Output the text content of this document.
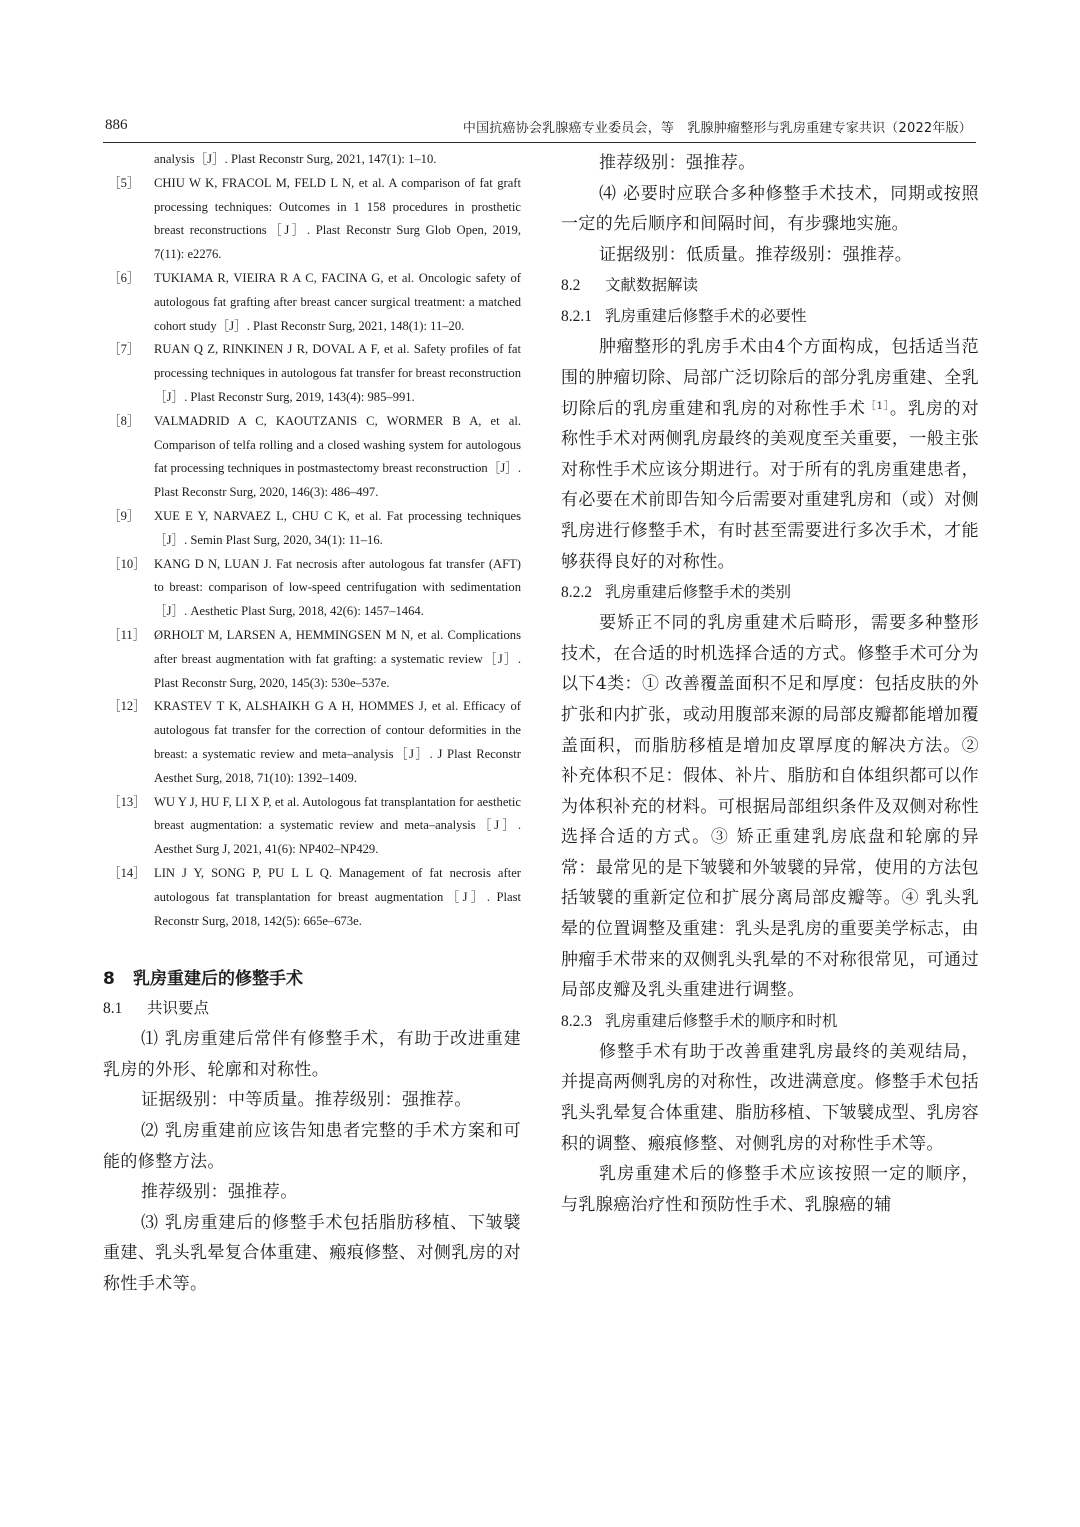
886	中国抗癌协会乳腺癌专业委员会，等　乳腺肿瘤整形与乳房重建专家共识（2022年版）
analysis［J］. Plast Reconstr Surg, 2021, 147(1): 1–10.
［5］ CHIU W K, FRACOL M, FELD L N, et al. A comparison of fat graft processing techniques: Outcomes in 1 158 procedures in prosthetic breast reconstructions［J］. Plast Reconstr Surg Glob Open, 2019, 7(11): e2276.
［6］ TUKIAMA R, VIEIRA R A C, FACINA G, et al. Oncologic safety of autologous fat grafting after breast cancer surgical treatment: a matched cohort study［J］. Plast Reconstr Surg, 2021, 148(1): 11–20.
［7］ RUAN Q Z, RINKINEN J R, DOVAL A F, et al. Safety profiles of fat processing techniques in autologous fat transfer for breast reconstruction［J］. Plast Reconstr Surg, 2019, 143(4): 985–991.
［8］ VALMADRID A C, KAOUTZANIS C, WORMER B A, et al. Comparison of telfa rolling and a closed washing system for autologous fat processing techniques in postmastectomy breast reconstruction［J］. Plast Reconstr Surg, 2020, 146(3): 486–497.
［9］ XUE E Y, NARVAEZ L, CHU C K, et al. Fat processing techniques［J］. Semin Plast Surg, 2020, 34(1): 11–16.
［10］ KANG D N, LUAN J. Fat necrosis after autologous fat transfer (AFT) to breast: comparison of low-speed centrifugation with sedimentation［J］. Aesthetic Plast Surg, 2018, 42(6): 1457–1464.
［11］ ØRHOLT M, LARSEN A, HEMMINGSEN M N, et al. Complications after breast augmentation with fat grafting: a systematic review［J］. Plast Reconstr Surg, 2020, 145(3): 530e–537e.
［12］ KRASTEV T K, ALSHAIKH G A H, HOMMES J, et al. Efficacy of autologous fat transfer for the correction of contour deformities in the breast: a systematic review and meta–analysis［J］. J Plast Reconstr Aesthet Surg, 2018, 71(10): 1392–1409.
［13］ WU Y J, HU F, LI X P, et al. Autologous fat transplantation for aesthetic breast augmentation: a systematic review and meta–analysis［J］. Aesthet Surg J, 2021, 41(6): NP402–NP429.
［14］ LIN J Y, SONG P, PU L L Q. Management of fat necrosis after autologous fat transplantation for breast augmentation［J］. Plast Reconstr Surg, 2018, 142(5): 665e–673e.
8 乳房重建后的修整手术
8.1 共识要点

⑴ 乳房重建后常伴有修整手术，有助于改进重建乳房的外形、轮廓和对称性。

证据级别：中等质量。推荐级别：强推荐。

⑵ 乳房重建前应该告知患者完整的手术方案和可能的修整方法。

推荐级别：强推荐。

⑶ 乳房重建后的修整手术包括脂肪移植、下皱襞重建、乳头乳晕复合体重建、瘢痕修整、对侧乳房的对称性手术等。

推荐级别：强推荐。

⑷ 必要时应联合多种修整手术技术，同期或按照一定的先后顺序和间隔时间，有步骤地实施。

证据级别：低质量。推荐级别：强推荐。

8.2 文献数据解读
8.2.1 乳房重建后修整手术的必要性

肿瘤整形的乳房手术由4个方面构成，包括适当范围的肿瘤切除、局部广泛切除后的部分乳房重建、全乳切除后的乳房重建和乳房的对称性手术$^{[1]}$。乳房的对称性手术对两侧乳房最终的美观度至关重要，一般主张对称性手术应该分期进行。对于所有的乳房重建患者，有必要在术前即告知今后需要对重建乳房和（或）对侧乳房进行修整手术，有时甚至需要进行多次手术，才能够获得良好的对称性。

8.2.2 乳房重建后修整手术的类别

要矫正不同的乳房重建术后畸形，需要多种整形技术，在合适的时机选择合适的方式。修整手术可分为以下4类：① 改善覆盖面积不足和厚度：包括皮肤的外扩张和内扩张，或动用腹部来源的局部皮瓣都能增加覆盖面积，而脂肪移植是增加皮罩厚度的解决方法。② 补充体积不足：假体、补片、脂肪和自体组织都可以作为体积补充的材料。可根据局部组织条件及双侧对称性选择合适的方式。③ 矫正重建乳房底盘和轮廓的异常：最常见的是下皱襞和外皱襞的异常，使用的方法包括皱襞的重新定位和扩展分离局部皮瓣等。④ 乳头乳晕的位置调整及重建：乳头是乳房的重要美学标志，由肿瘤手术带来的双侧乳头乳晕的不对称很常见，可通过局部皮瓣及乳头重建进行调整。

8.2.3 乳房重建后修整手术的顺序和时机

修整手术有助于改善重建乳房最终的美观结局，并提高两侧乳房的对称性，改进满意度。修整手术包括乳头乳晕复合体重建、脂肪移植、下皱襞成型、乳房容积的调整、瘢痕修整、对侧乳房的对称性手术等。

乳房重建术后的修整手术应该按照一定的顺序，与乳腺癌治疗性和预防性手术、乳腺癌的辅
